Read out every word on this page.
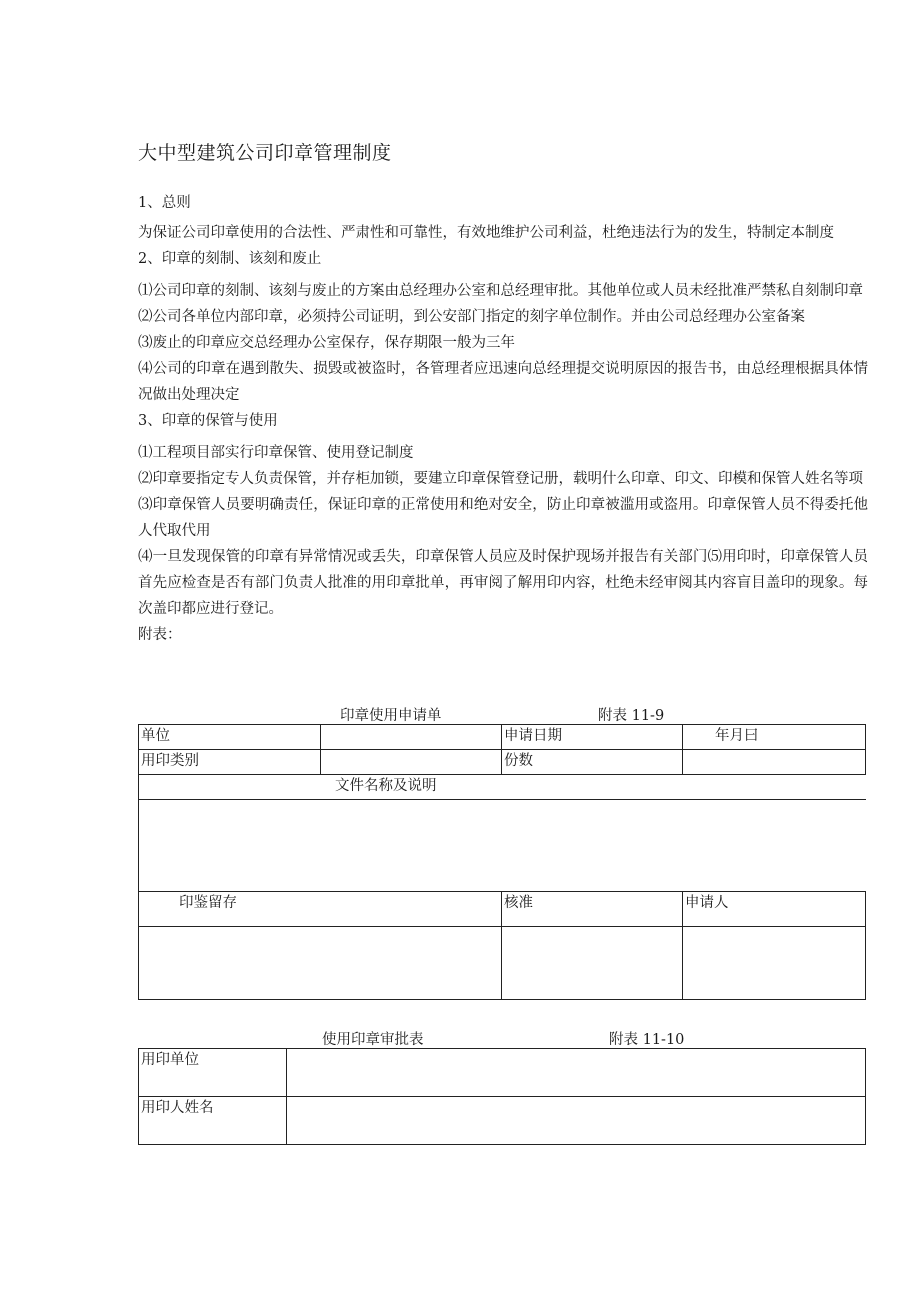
大中型建筑公司印章管理制度

1、总则

为保证公司印章使用的合法性、严肃性和可靠性，有效地维护公司利益，杜绝违法行为的发生，特制定本制度

2、印章的刻制、该刻和废止

⑴公司印章的刻制、该刻与废止的方案由总经理办公室和总经理审批。其他单位或人员未经批准严禁私自刻制印章

⑵公司各单位内部印章，必须持公司证明，到公安部门指定的刻字单位制作。并由公司总经理办公室备案

⑶废止的印章应交总经理办公室保存，保存期限一般为三年

⑷公司的印章在遇到散失、损毁或被盗时，各管理者应迅速向总经理提交说明原因的报告书，由总经理根据具体情况做出处理决定

3、印章的保管与使用

⑴工程项目部实行印章保管、使用登记制度

⑵印章要指定专人负责保管，并存柜加锁，要建立印章保管登记册，载明什么印章、印文、印模和保管人姓名等项

⑶印章保管人员要明确责任，保证印章的正常使用和绝对安全，防止印章被滥用或盗用。印章保管人员不得委托他人代取代用

⑷一旦发现保管的印章有异常情况或丢失，印章保管人员应及时保护现场并报告有关部门⑸用印时，印章保管人员首先应检查是否有部门负责人批准的用印章批单，再审阅了解用印内容，杜绝未经审阅其内容盲目盖印的现象。每次盖印都应进行登记。

附表：

印章使用申请单	附表 11-9
单位		申请日期	年月曰
用印类别		份数	
文件名称及说明			

印鉴留存		核准	申请人

使用印章审批表	附表 11-10
用印单位	
用印人姓名	
